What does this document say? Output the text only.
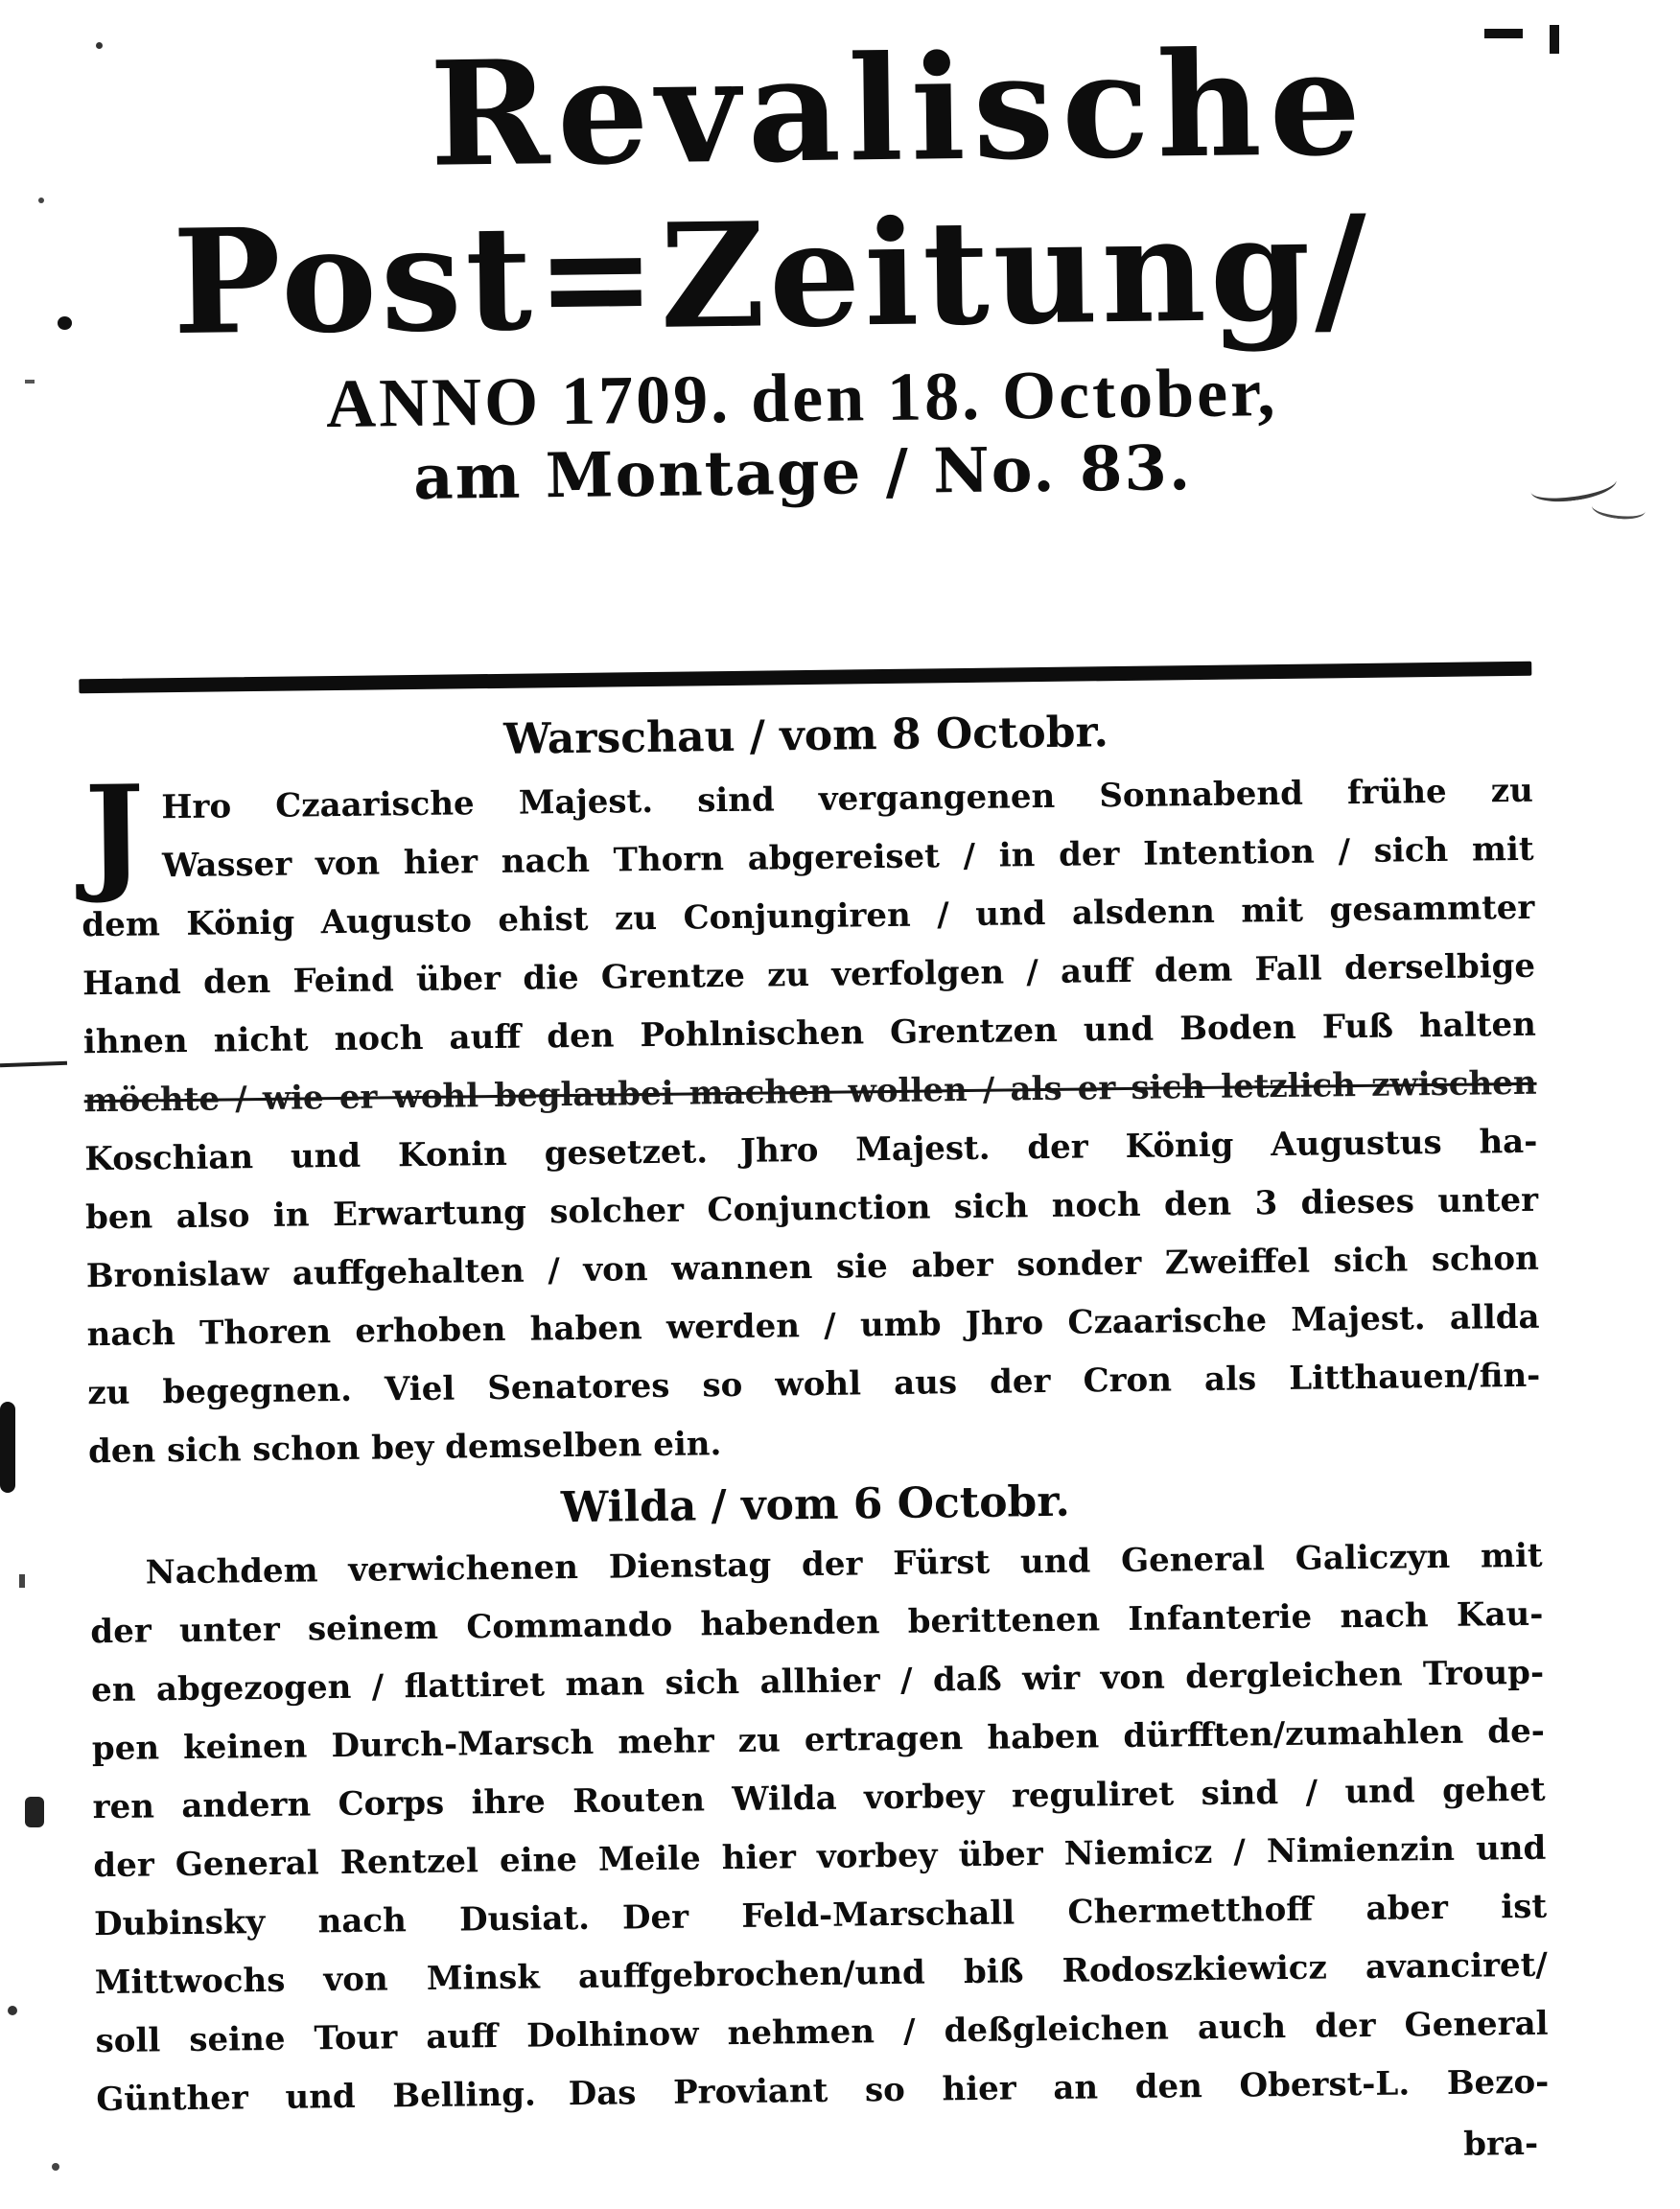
Revalische
Post=Zeitung/
ANNO 1709. den 18. October,
am Montage / No. 83.
Warschau / vom 8 Octobr.
J Hro Czaarische Majest. sind vergangenen Sonnabend frühe zu
Wasser von hier nach Thorn abgereiset / in der Intention / sich mit
dem König Augusto ehist zu Conjungiren / und alsdenn mit gesammter
Hand den Feind über die Grentze zu verfolgen / auff dem Fall derselbige
ihnen nicht noch auff den Pohlnischen Grentzen und Boden Fuß halten
möchte / wie er wohl beglaubei machen wollen / als er sich letzlich zwischen
Koschian und Konin gesetzet. Jhro Majest. der König Augustus ha-
ben also in Erwartung solcher Conjunction sich noch den 3 dieses unter
Bronislaw auffgehalten / von wannen sie aber sonder Zweiffel sich schon
nach Thoren erhoben haben werden / umb Jhro Czaarische Majest. allda
zu begegnen. Viel Senatores so wohl aus der Cron als Litthauen/fin-
den sich schon bey demselben ein.
Wilda / vom 6 Octobr.
Nachdem verwichenen Dienstag der Fürst und General Galiczyn mit
der unter seinem Commando habenden berittenen Infanterie nach Kau-
en abgezogen / flattiret man sich allhier / daß wir von dergleichen Troup-
pen keinen Durch-Marsch mehr zu ertragen haben dürfften/zumahlen de-
ren andern Corps ihre Routen Wilda vorbey reguliret sind / und gehet
der General Rentzel eine Meile hier vorbey über Niemicz / Nimienzin und
Dubinsky nach Dusiat. Der Feld-Marschall Chermetthoff aber ist
Mittwochs von Minsk auffgebrochen/und biß Rodoszkiewicz avanciret/
soll seine Tour auff Dolhinow nehmen / deßgleichen auch der General
Günther und Belling. Das Proviant so hier an den Oberst-L. Bezo-
bra-
